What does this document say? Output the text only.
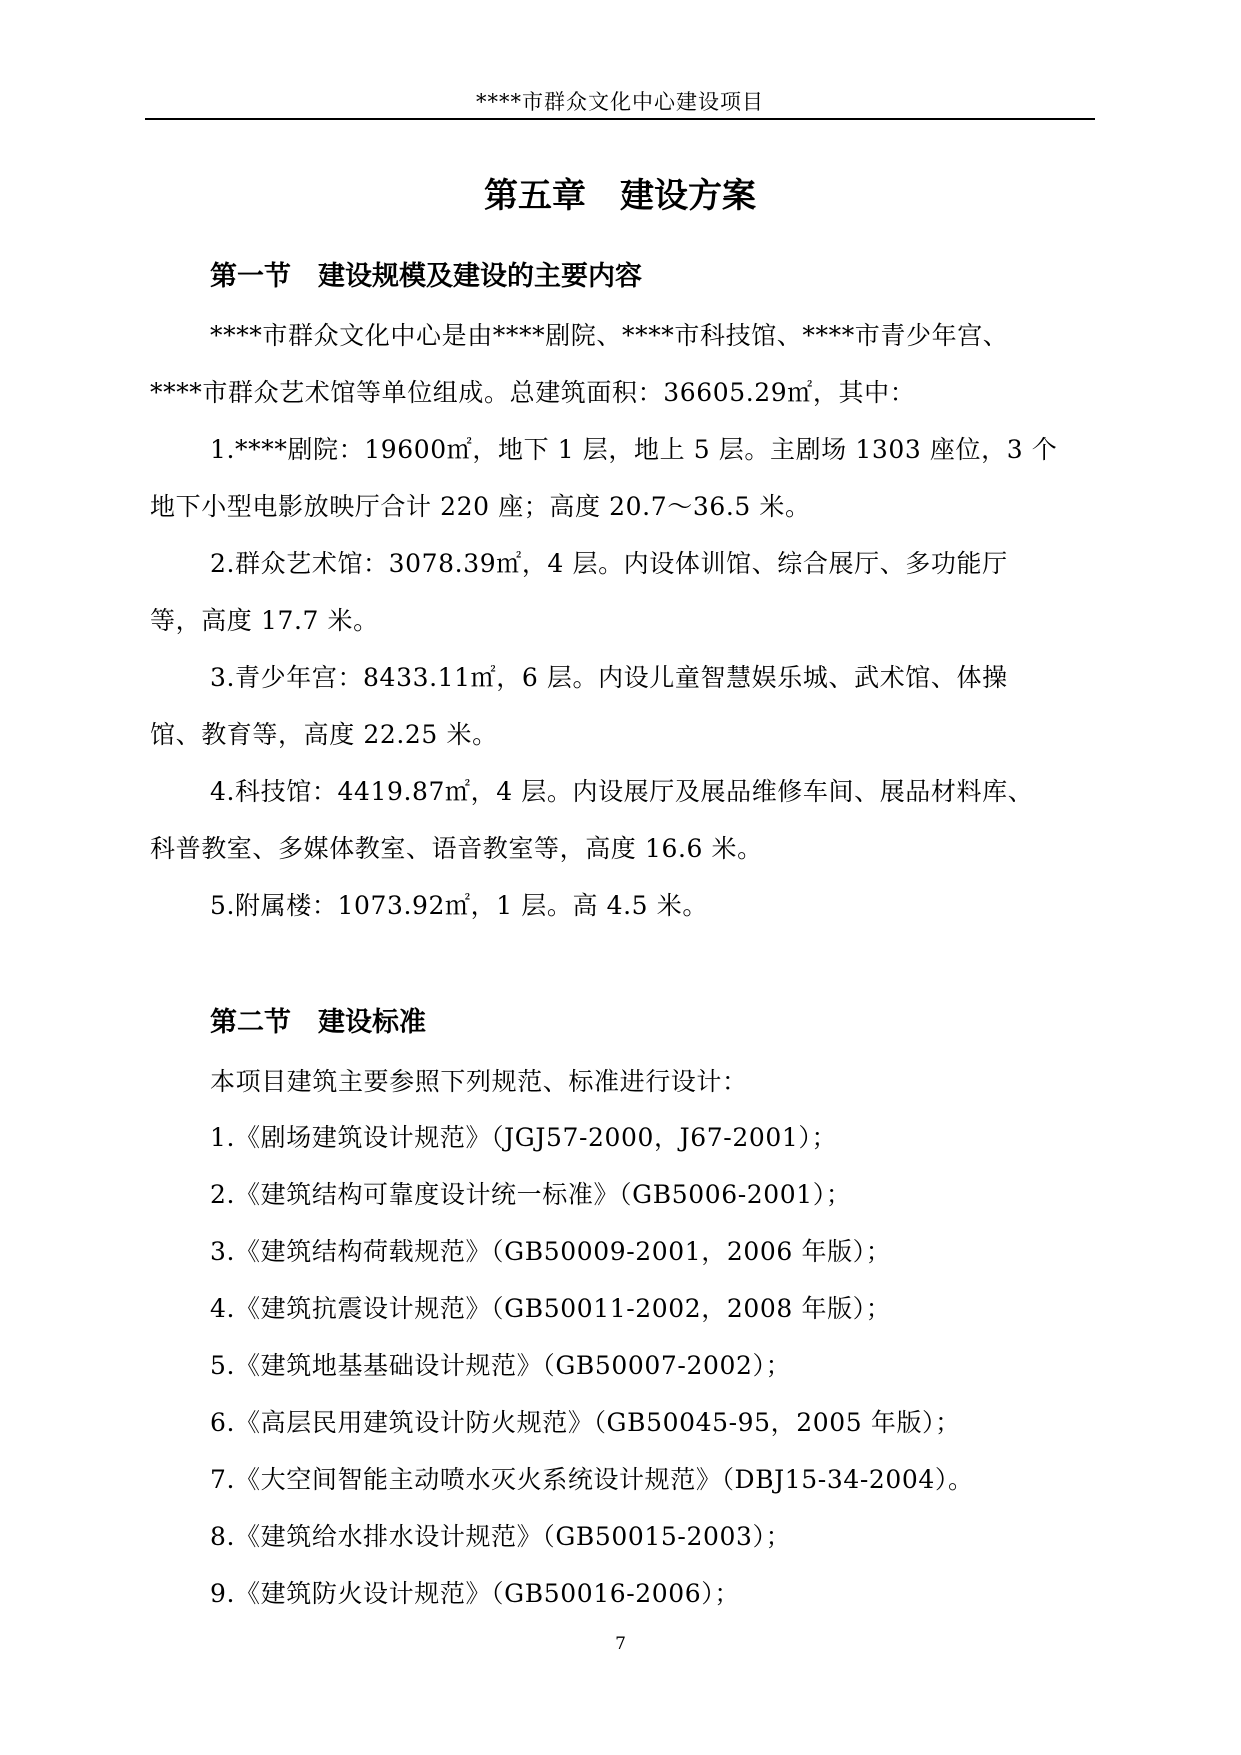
****市群众文化中心建设项目
第五章　建设方案
第一节　建设规模及建设的主要内容
****市群众文化中心是由****剧院、****市科技馆、****市青少年宫、
****市群众艺术馆等单位组成。总建筑面积：36605.29㎡，其中：
1.****剧院：19600㎡，地下 1 层，地上 5 层。主剧场 1303 座位，3 个
地下小型电影放映厅合计 220 座；高度 20.7～36.5 米。
2.群众艺术馆：3078.39㎡，4 层。内设体训馆、综合展厅、多功能厅
等，高度 17.7 米。
3.青少年宫：8433.11㎡，6 层。内设儿童智慧娱乐城、武术馆、体操
馆、教育等，高度 22.25 米。
4.科技馆：4419.87㎡，4 层。内设展厅及展品维修车间、展品材料库、
科普教室、多媒体教室、语音教室等，高度 16.6 米。
5.附属楼：1073.92㎡，1 层。高 4.5 米。
第二节　建设标准
本项目建筑主要参照下列规范、标准进行设计：
1.《剧场建筑设计规范》（JGJ57-2000，J67-2001）；
2.《建筑结构可靠度设计统一标准》（GB5006-2001）；
3.《建筑结构荷载规范》（GB50009-2001，2006 年版）；
4.《建筑抗震设计规范》（GB50011-2002，2008 年版）；
5.《建筑地基基础设计规范》（GB50007-2002）；
6.《高层民用建筑设计防火规范》（GB50045-95，2005 年版）；
7.《大空间智能主动喷水灭火系统设计规范》（DBJ15-34-2004）。
8.《建筑给水排水设计规范》（GB50015-2003）；
9.《建筑防火设计规范》（GB50016-2006）；
7
